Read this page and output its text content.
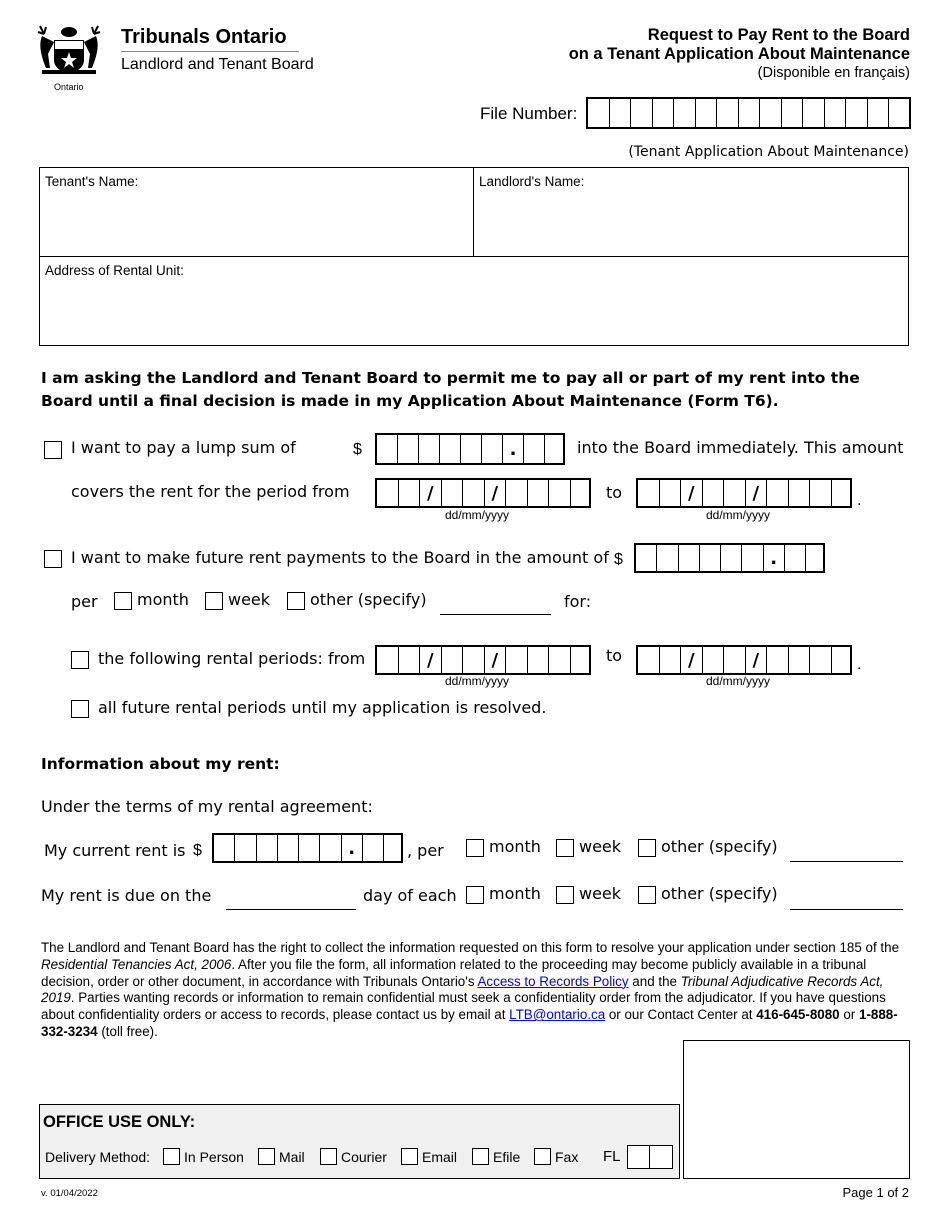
Ontario
Tribunals Ontario
Landlord and Tenant Board
Request to Pay Rent to the Board
on a Tenant Application About Maintenance
(Disponible en français)
File Number:
(Tenant Application About Maintenance)
Tenant's Name:	Landlord's Name:
Address of Rental Unit:
I am asking the Landlord and Tenant Board to permit me to pay all or part of my rent into the Board until a final decision is made in my Application About Maintenance (Form T6).
I want to pay a lump sum of	$	.	into the Board immediately. This amount
covers the rent for the period from	/	/
dd/mm/yyyy
to	/	/
dd/mm/yyyy
.
I want to make future rent payments to the Board in the amount of $	.
per month week other (specify)	for:
the following rental periods: from	/	/
dd/mm/yyyy
to	/	/
dd/mm/yyyy
.
all future rental periods until my application is resolved.
Information about my rent:
Under the terms of my rental agreement:
My current rent is $	.	, per	month week other (specify)
My rent is due on the	day of each month week other (specify)
The Landlord and Tenant Board has the right to collect the information requested on this form to resolve your application under section 185 of the Residential Tenancies Act, 2006. After you file the form, all information related to the proceeding may become publicly available in a tribunal decision, order or other document, in accordance with Tribunals Ontario's Access to Records Policy and the Tribunal Adjudicative Records Act, 2019. Parties wanting records or information to remain confidential must seek a confidentiality order from the adjudicator. If you have questions about confidentiality orders or access to records, please contact us by email at LTB@ontario.ca or our Contact Center at 416-645-8080 or 1-888-332-3234 (toll free).
OFFICE USE ONLY:
Delivery Method: In Person	Mail	Courier	Email	Efile Fax FL
v. 01/04/2022	Page 1 of 2
